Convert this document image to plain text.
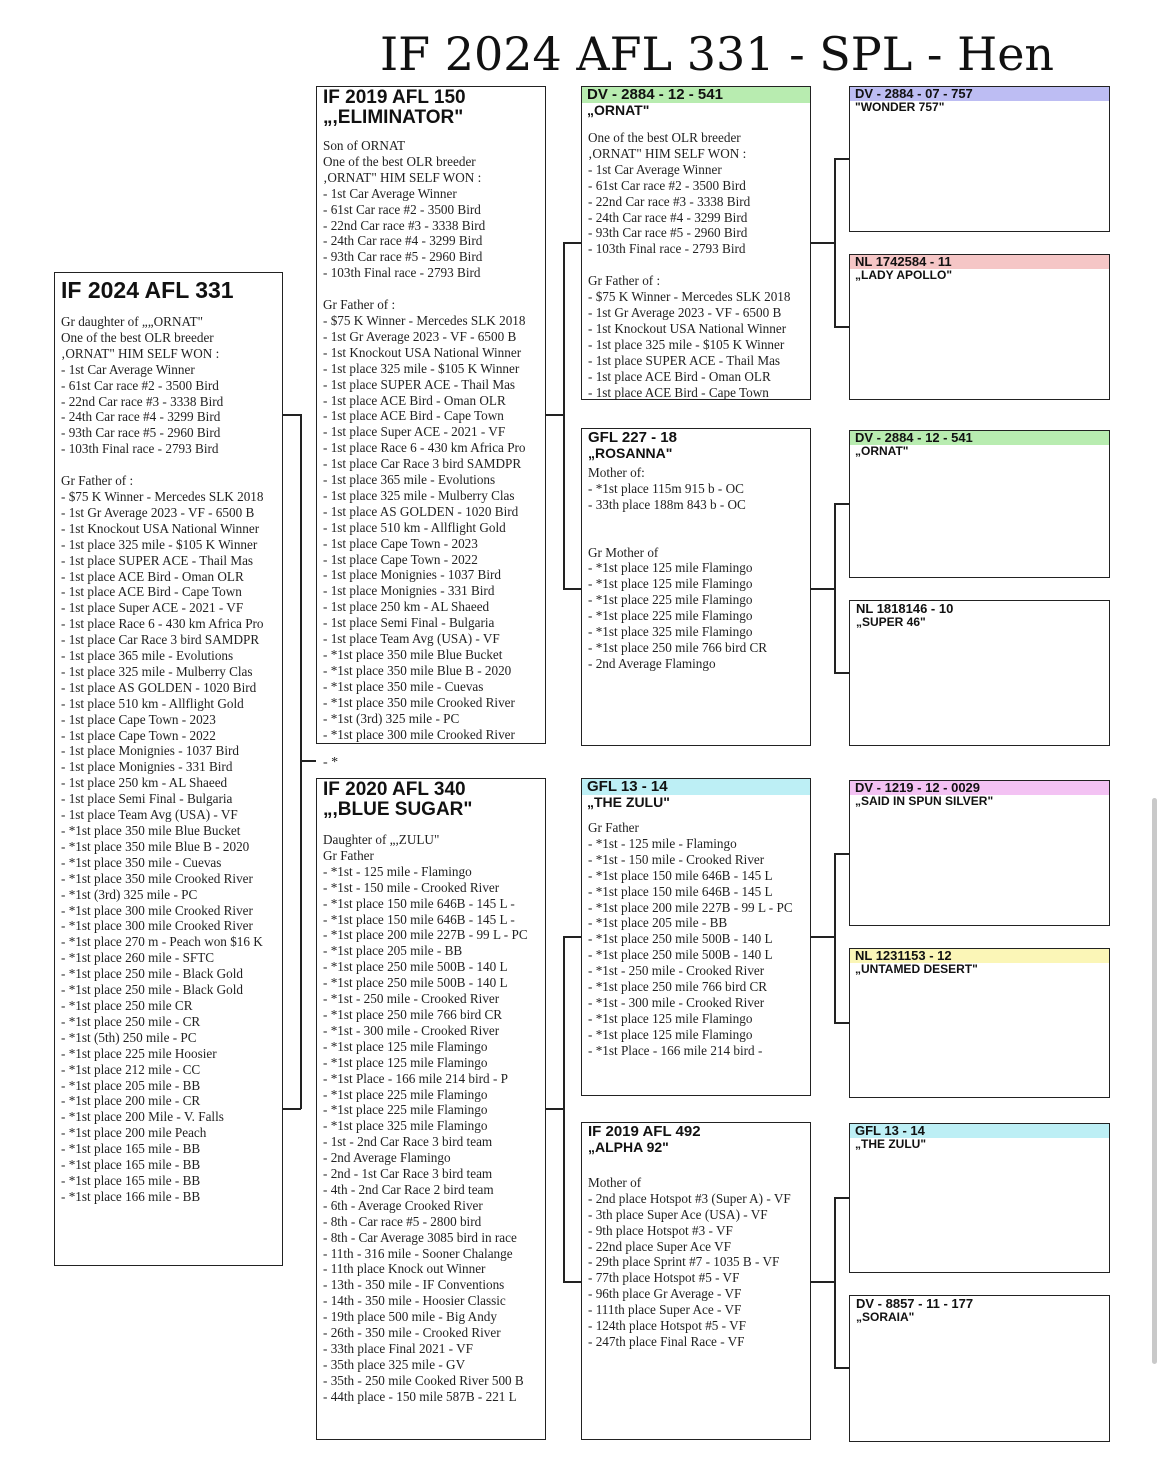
IF 2024 AFL 331 - SPL - Hen
IF 2024 AFL 331
Gr daughter of „„ORNAT"
One of the best OLR breeder
‚ORNAT" HIM SELF WON :
- 1st Car Average Winner
- 61st Car race #2 - 3500 Bird
- 22nd Car race #3 - 3338 Bird
- 24th Car race #4 - 3299 Bird
- 93th Car race #5 - 2960 Bird
- 103th Final race - 2793 Bird

Gr Father of :
- $75 K Winner - Mercedes SLK 2018
- 1st Gr Average 2023 - VF - 6500 B
- 1st Knockout USA National Winner
- 1st place 325 mile - $105 K Winner
- 1st place SUPER ACE - Thail Mas
- 1st place ACE Bird - Oman OLR
- 1st place ACE Bird - Cape Town
- 1st place Super ACE - 2021 - VF
- 1st place Race 6 - 430 km Africa Pro
- 1st place Car Race 3 bird SAMDPR
- 1st place 365 mile - Evolutions
- 1st place 325 mile - Mulberry Clas
- 1st place AS GOLDEN - 1020 Bird
- 1st place 510 km - Allflight Gold
- 1st place Cape Town - 2023
- 1st place Cape Town - 2022
- 1st place Monignies - 1037 Bird
- 1st place Monignies - 331 Bird
- 1st place 250 km - AL Shaeed
- 1st place Semi Final - Bulgaria
- 1st place Team Avg (USA) - VF
- *1st place 350 mile Blue Bucket
- *1st place 350 mile Blue B - 2020
- *1st place 350 mile - Cuevas
- *1st place 350 mile Crooked River
- *1st (3rd) 325 mile - PC
- *1st place 300 mile Crooked River
- *1st place 300 mile Crooked River
- *1st place 270 m - Peach won $16 K
- *1st place 260 mile - SFTC
- *1st place 250 mile - Black Gold
- *1st place 250 mile - Black Gold
- *1st place 250 mile CR
- *1st place 250 mile - CR
- *1st (5th) 250 mile - PC
- *1st place 225 mile Hoosier
- *1st place 212 mile - CC
- *1st place 205 mile - BB
- *1st place 200 mile - CR
- *1st place 200 Mile - V. Falls
- *1st place 200 mile Peach
- *1st place 165 mile - BB
- *1st place 165 mile - BB
- *1st place 165 mile - BB
- *1st place 166 mile - BB
IF 2019 AFL 150
„,ELIMINATOR"
Son of ORNAT
One of the best OLR breeder
‚ORNAT" HIM SELF WON :
- 1st Car Average Winner
- 61st Car race #2 - 3500 Bird
- 22nd Car race #3 - 3338 Bird
- 24th Car race #4 - 3299 Bird
- 93th Car race #5 - 2960 Bird
- 103th Final race - 2793 Bird

Gr Father of :
- $75 K Winner - Mercedes SLK 2018
- 1st Gr Average 2023 - VF - 6500 B
- 1st Knockout USA National Winner
- 1st place 325 mile - $105 K Winner
- 1st place SUPER ACE - Thail Mas
- 1st place ACE Bird - Oman OLR
- 1st place ACE Bird - Cape Town
- 1st place Super ACE - 2021 - VF
- 1st place Race 6 - 430 km Africa Pro
- 1st place Car Race 3 bird SAMDPR
- 1st place 365 mile - Evolutions
- 1st place 325 mile - Mulberry Clas
- 1st place AS GOLDEN - 1020 Bird
- 1st place 510 km - Allflight Gold
- 1st place Cape Town - 2023
- 1st place Cape Town - 2022
- 1st place Monignies - 1037 Bird
- 1st place Monignies - 331 Bird
- 1st place 250 km - AL Shaeed
- 1st place Semi Final - Bulgaria
- 1st place Team Avg (USA) - VF
- *1st place 350 mile Blue Bucket
- *1st place 350 mile Blue B - 2020
- *1st place 350 mile - Cuevas
- *1st place 350 mile Crooked River
- *1st (3rd) 325 mile - PC
- *1st place 300 mile Crooked River
- *
IF 2020 AFL 340
„,BLUE SUGAR"
Daughter of „,ZULU"
Gr Father
- *1st - 125 mile - Flamingo
- *1st - 150 mile - Crooked River
- *1st place 150 mile 646B - 145 L -
- *1st place 150 mile 646B - 145 L -
- *1st place 200 mile 227B - 99 L - PC
- *1st place 205 mile - BB
- *1st place 250 mile 500B - 140 L
- *1st place 250 mile 500B - 140 L
- *1st - 250 mile - Crooked River
- *1st place 250 mile 766 bird CR
- *1st - 300 mile - Crooked River
- *1st place 125 mile Flamingo
- *1st place 125 mile Flamingo
- *1st Place - 166 mile 214 bird - P
- *1st place 225 mile Flamingo
- *1st place 225 mile Flamingo
- *1st place 325 mile Flamingo
- 1st - 2nd Car Race 3 bird team
- 2nd Average Flamingo
- 2nd - 1st Car Race 3 bird team
- 4th - 2nd Car Race 2 bird team
- 6th - Average Crooked River
- 8th - Car race #5 - 2800 bird
- 8th - Car Average 3085 bird in race
- 11th - 316 mile - Sooner Chalange
- 11th place Knock out Winner
- 13th - 350 mile - IF Conventions
- 14th - 350 mile - Hoosier Classic
- 19th place 500 mile - Big Andy
- 26th - 350 mile - Crooked River
- 33th place Final 2021 - VF
- 35th place 325 mile - GV
- 35th - 250 mile Cooked River 500 B
- 44th place - 150 mile 587B - 221 L
DV - 2884 - 12 - 541
„ORNAT"
One of the best OLR breeder
‚ORNAT" HIM SELF WON :
- 1st Car Average Winner
- 61st Car race #2 - 3500 Bird
- 22nd Car race #3 - 3338 Bird
- 24th Car race #4 - 3299 Bird
- 93th Car race #5 - 2960 Bird
- 103th Final race - 2793 Bird

Gr Father of :
- $75 K Winner - Mercedes SLK 2018
- 1st Gr Average 2023 - VF - 6500 B
- 1st Knockout USA National Winner
- 1st place 325 mile - $105 K Winner
- 1st place SUPER ACE - Thail Mas
- 1st place ACE Bird - Oman OLR
- 1st place ACE Bird - Cape Town
GFL 227 - 18
„ROSANNA"
Mother of:
- *1st place 115m 915 b - OC
- 33th place 188m 843 b - OC

Gr Mother of
- *1st place 125 mile Flamingo
- *1st place 125 mile Flamingo
- *1st place 225 mile Flamingo
- *1st place 225 mile Flamingo
- *1st place 325 mile Flamingo
- *1st place 250 mile 766 bird CR
- 2nd Average Flamingo
GFL 13 - 14
„THE ZULU"
Gr Father
- *1st - 125 mile - Flamingo
- *1st - 150 mile - Crooked River
- *1st place 150 mile 646B - 145 L
- *1st place 150 mile 646B - 145 L
- *1st place 200 mile 227B - 99 L - PC
- *1st place 205 mile - BB
- *1st place 250 mile 500B - 140 L
- *1st place 250 mile 500B - 140 L
- *1st - 250 mile - Crooked River
- *1st place 250 mile 766 bird CR
- *1st - 300 mile - Crooked River
- *1st place 125 mile Flamingo
- *1st place 125 mile Flamingo
- *1st Place - 166 mile 214 bird -
IF 2019 AFL 492
„ALPHA 92"

Mother of
- 2nd place Hotspot #3 (Super A) - VF
- 3th place Super Ace (USA) - VF
- 9th place Hotspot #3 - VF
- 22nd place Super Ace VF
- 29th place Sprint #7 - 1035 B - VF
- 77th place Hotspot #5 - VF
- 96th place Gr Average - VF
- 111th place Super Ace - VF
- 124th place Hotspot #5 - VF
- 247th place Final Race - VF
DV - 2884 - 07 - 757
"WONDER 757"
NL 1742584 - 11
„LADY APOLLO"
DV - 2884 - 12 - 541
„ORNAT"
NL 1818146 - 10
„SUPER 46"
DV - 1219 - 12 - 0029
„SAID IN SPUN SILVER"
NL 1231153 - 12
„UNTAMED DESERT"
GFL 13 - 14
„THE ZULU"
DV - 8857 - 11 - 177
„SORAIA"
